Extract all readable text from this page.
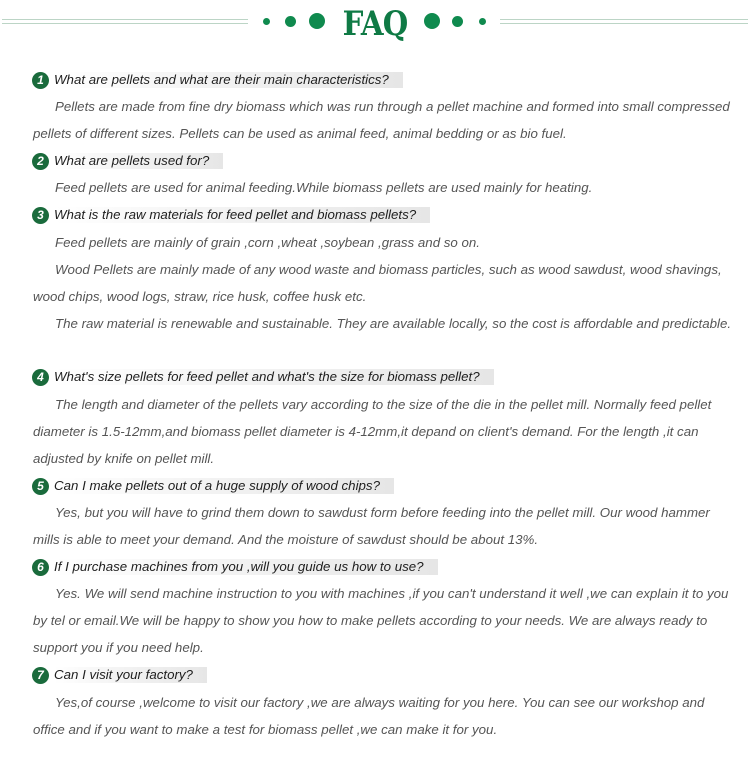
FAQ
1 What are pellets and what are their main characteristics?

Pellets are made from fine dry biomass which was run through a pellet machine and formed into small compressed pellets of different sizes. Pellets can be used as animal feed, animal bedding or as bio fuel.

2 What are pellets used for?

Feed pellets are used for animal feeding.While biomass pellets are used mainly for heating.

3 What is the raw materials for feed pellet and biomass pellets?

Feed pellets are mainly of grain ,corn ,wheat ,soybean ,grass and so on.

Wood Pellets are mainly made of any wood waste and biomass particles, such as wood sawdust, wood shavings, wood chips, wood logs, straw, rice husk, coffee husk etc.

The raw material is renewable and sustainable. They are available locally, so the cost is affordable and predictable.

4 What's size pellets for feed pellet and what's the size for biomass pellet?

The length and diameter of the pellets vary according to the size of the die in the pellet mill. Normally feed pellet diameter is 1.5-12mm,and biomass pellet diameter is 4-12mm,it depand on client's demand. For the length ,it can adjusted by knife on pellet mill.

5 Can I make pellets out of a huge supply of wood chips?

Yes, but you will have to grind them down to sawdust form before feeding into the pellet mill. Our wood hammer mills is able to meet your demand. And the moisture of sawdust should be about 13%.

6 If I purchase machines from you ,will you guide us how to use?

Yes. We will send machine instruction to you with machines ,if you can't understand it well ,we can explain it to you by tel or email.We will be happy to show you how to make pellets according to your needs. We are always ready to support you if you need help.

7 Can I visit your factory?

Yes,of course ,welcome to visit our factory ,we are always waiting for you here. You can see our workshop and office and if you want to make a test for biomass pellet ,we can make it for you.
